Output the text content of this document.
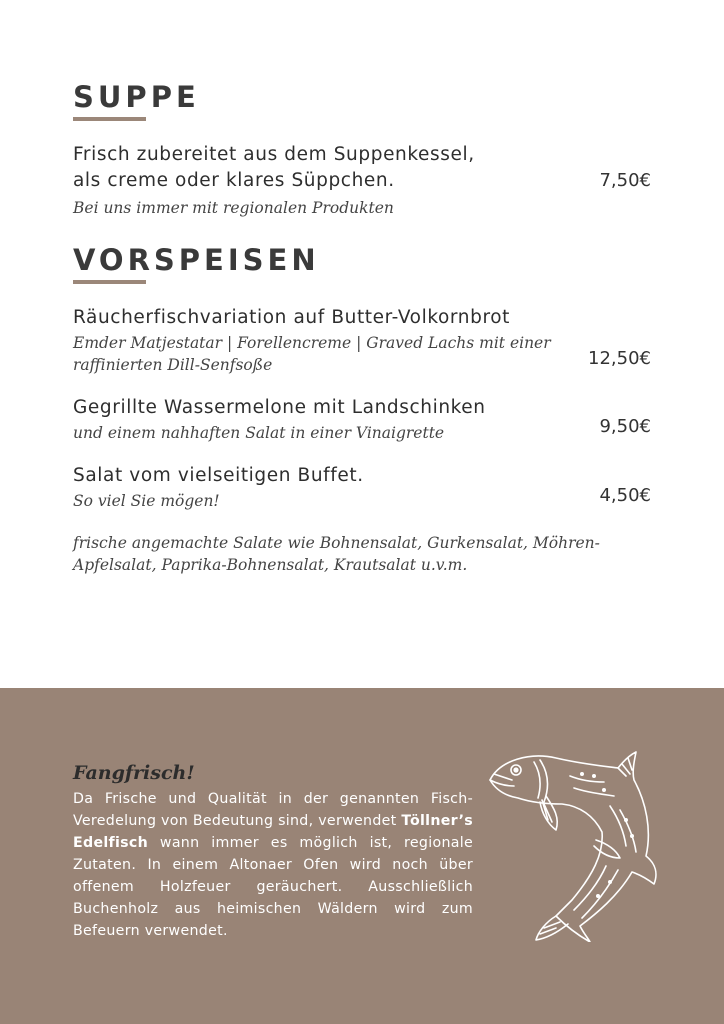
SUPPE
Frisch zubereitet aus dem Suppenkessel,
als creme oder klares Süppchen.	7,50€
Bei uns immer mit regionalen Produkten
VORSPEISEN
Räucherfischvariation auf Butter-Volkornbrot
Emder Matjestatar | Forellencreme | Graved Lachs mit einer
raffinierten Dill-Senfsoße	12,50€
Gegrillte Wassermelone mit Landschinken
und einem nahhaften Salat in einer Vinaigrette	9,50€
Salat vom vielseitigen Buffet.
So viel Sie mögen!	4,50€
frische angemachte Salate wie Bohnensalat, Gurkensalat, Möhren-
Apfelsalat, Paprika-Bohnensalat, Krautsalat u.v.m.
Fangfrisch!
Da Frische und Qualität in der genannten Fisch-Veredelung von Bedeutung sind, verwendet Töllner’s Edelfisch wann immer es möglich ist, regionale Zutaten. In einem Altonaer Ofen wird noch über offenem Holzfeuer geräuchert. Ausschließlich Buchenholz aus heimischen Wäldern wird zum Befeuern verwendet.
